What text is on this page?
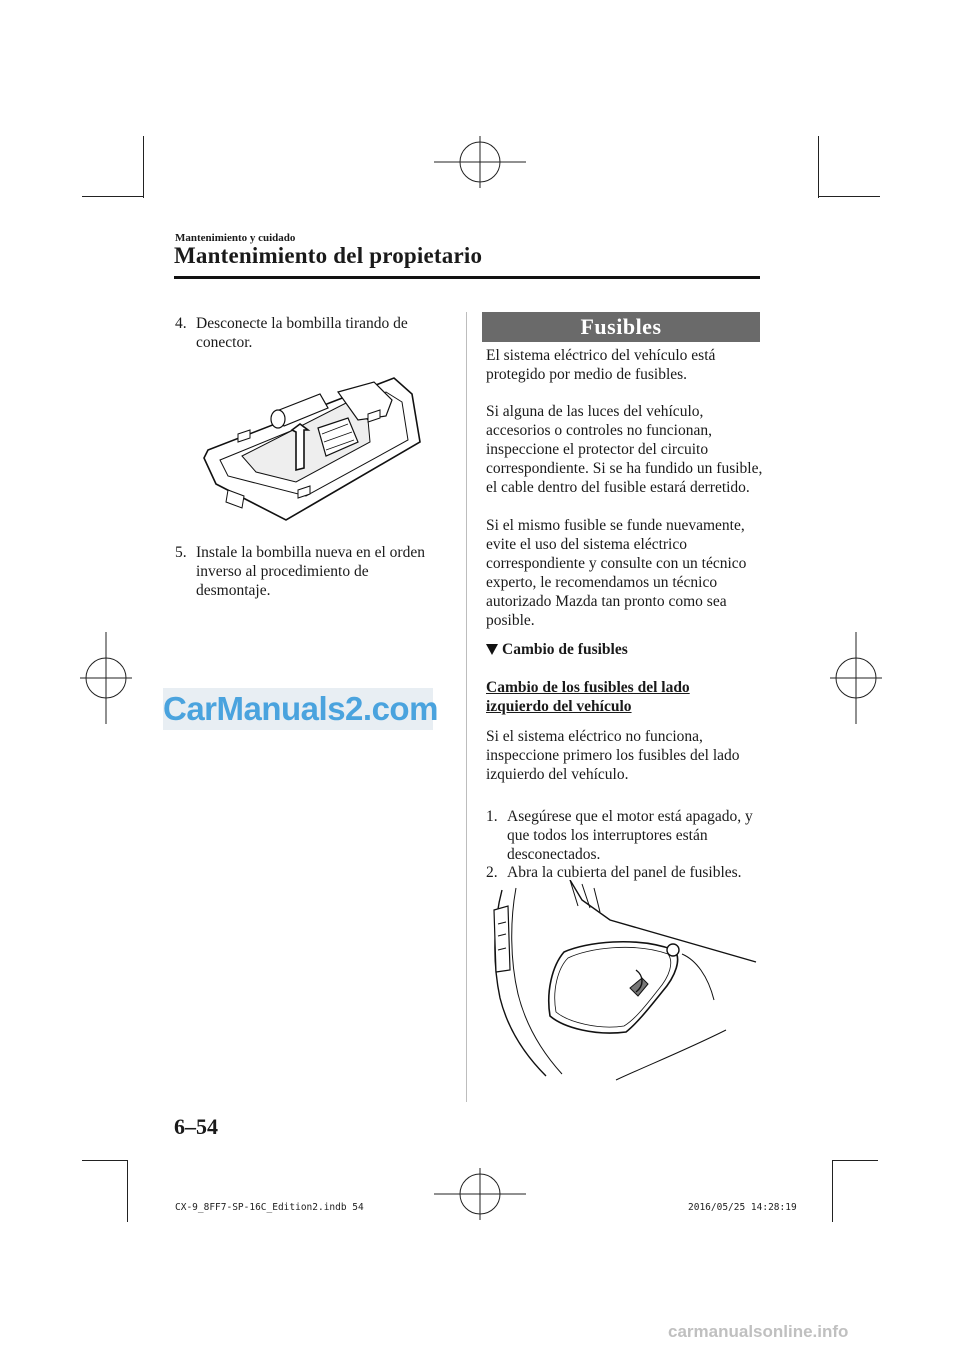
Mantenimiento y cuidado
Mantenimiento del propietario
4. Desconecte la bombilla tirando de conector.
5. Instale la bombilla nueva en el orden inverso al procedimiento de desmontaje.
CarManuals2.com
Fusibles
El sistema eléctrico del vehículo está protegido por medio de fusibles.
Si alguna de las luces del vehículo, accesorios o controles no funcionan, inspeccione el protector del circuito correspondiente. Si se ha fundido un fusible, el cable dentro del fusible estará derretido.
Si el mismo fusible se funde nuevamente, evite el uso del sistema eléctrico correspondiente y consulte con un técnico experto, le recomendamos un técnico autorizado Mazda tan pronto como sea posible.
Cambio de fusibles
Cambio de los fusibles del lado izquierdo del vehículo
Si el sistema eléctrico no funciona, inspeccione primero los fusibles del lado izquierdo del vehículo.
1. Asegúrese que el motor está apagado, y que todos los interruptores están desconectados.
2. Abra la cubierta del panel de fusibles.
6–54
CX-9_8FF7-SP-16C_Edition2.indb 54	2016/05/25 14:28:19
carmanualsonline.info
